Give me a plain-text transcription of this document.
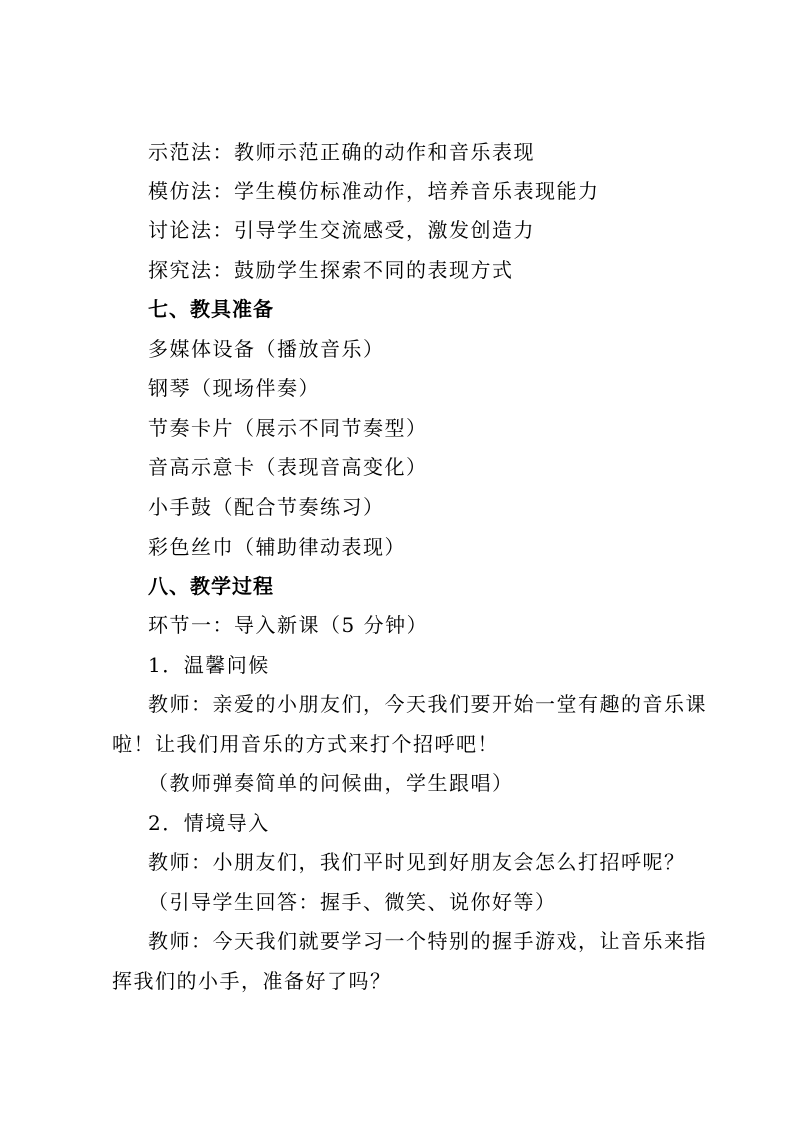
示范法：教师示范正确的动作和音乐表现
模仿法：学生模仿标准动作，培养音乐表现能力
讨论法：引导学生交流感受，激发创造力
探究法：鼓励学生探索不同的表现方式
七、教具准备
多媒体设备（播放音乐）
钢琴（现场伴奏）
节奏卡片（展示不同节奏型）
音高示意卡（表现音高变化）
小手鼓（配合节奏练习）
彩色丝巾（辅助律动表现）
八、教学过程
环节一：导入新课（5 分钟）
1．温馨问候
教师：亲爱的小朋友们，今天我们要开始一堂有趣的音乐课
啦！让我们用音乐的方式来打个招呼吧！
（教师弹奏简单的问候曲，学生跟唱）
2．情境导入
教师：小朋友们，我们平时见到好朋友会怎么打招呼呢？
（引导学生回答：握手、微笑、说你好等）
教师：今天我们就要学习一个特别的握手游戏，让音乐来指
挥我们的小手，准备好了吗？
